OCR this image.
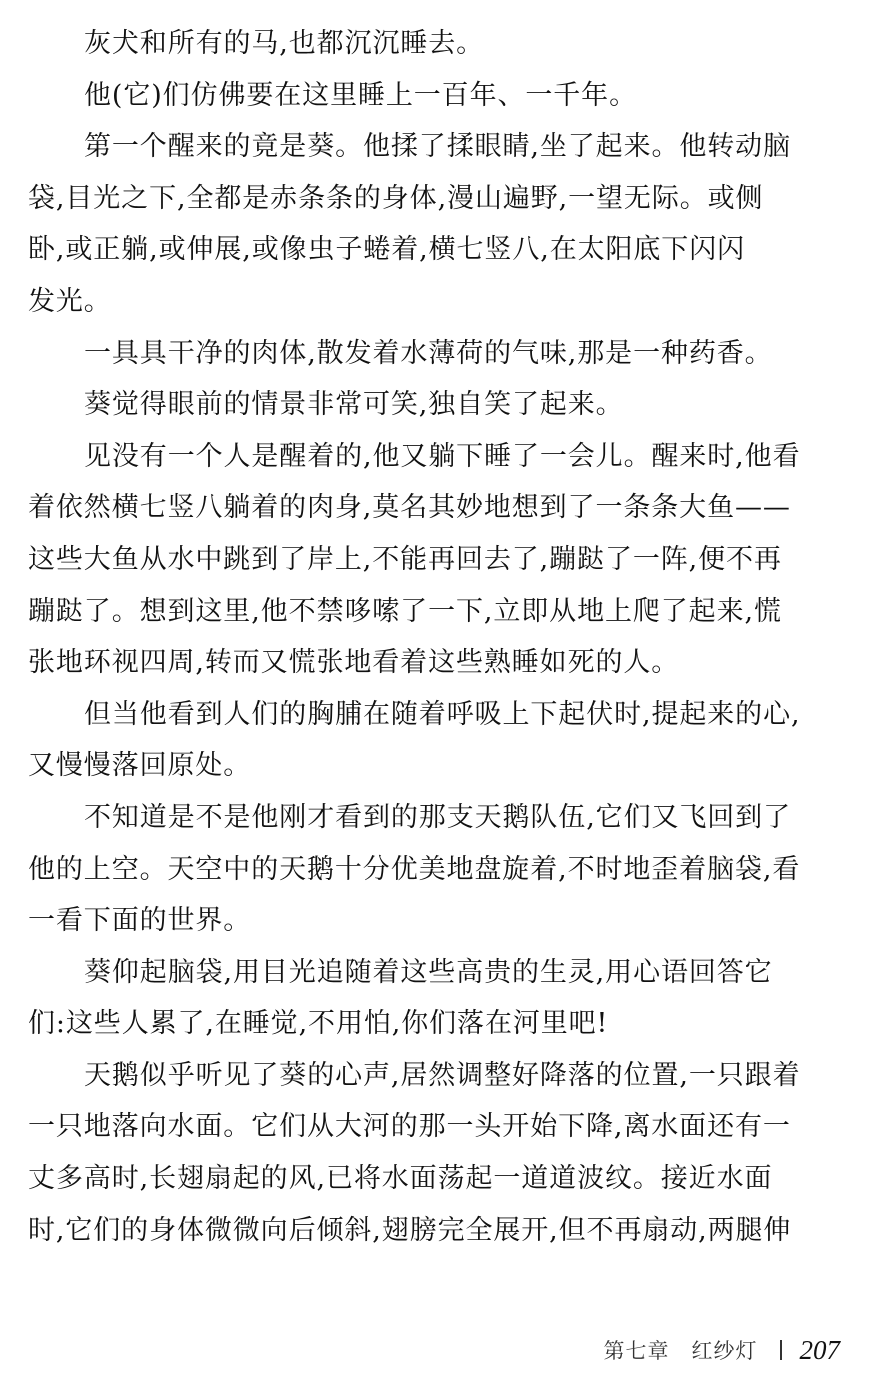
灰犬和所有的马,也都沉沉睡去。
他(它)们仿佛要在这里睡上一百年、一千年。
第一个醒来的竟是葵。他揉了揉眼睛,坐了起来。他转动脑
袋,目光之下,全都是赤条条的身体,漫山遍野,一望无际。或侧
卧,或正躺,或伸展,或像虫子蜷着,横七竖八,在太阳底下闪闪
发光。
一具具干净的肉体,散发着水薄荷的气味,那是一种药香。
葵觉得眼前的情景非常可笑,独自笑了起来。
见没有一个人是醒着的,他又躺下睡了一会儿。醒来时,他看
着依然横七竖八躺着的肉身,莫名其妙地想到了一条条大鱼——
这些大鱼从水中跳到了岸上,不能再回去了,蹦跶了一阵,便不再
蹦跶了。想到这里,他不禁哆嗦了一下,立即从地上爬了起来,慌
张地环视四周,转而又慌张地看着这些熟睡如死的人。
但当他看到人们的胸脯在随着呼吸上下起伏时,提起来的心,
又慢慢落回原处。
不知道是不是他刚才看到的那支天鹅队伍,它们又飞回到了
他的上空。天空中的天鹅十分优美地盘旋着,不时地歪着脑袋,看
一看下面的世界。
葵仰起脑袋,用目光追随着这些高贵的生灵,用心语回答它
们:这些人累了,在睡觉,不用怕,你们落在河里吧!
天鹅似乎听见了葵的心声,居然调整好降落的位置,一只跟着
一只地落向水面。它们从大河的那一头开始下降,离水面还有一
丈多高时,长翅扇起的风,已将水面荡起一道道波纹。接近水面
时,它们的身体微微向后倾斜,翅膀完全展开,但不再扇动,两腿伸
第七章 红纱灯 207
